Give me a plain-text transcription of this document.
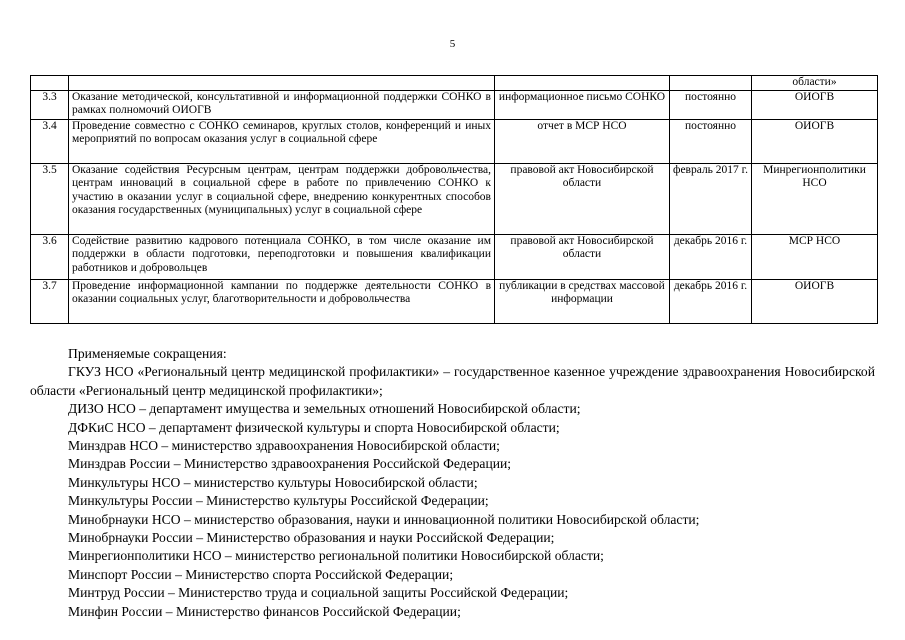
5
				области»
3.3	Оказание методической, консультативной и информационной поддержки СОНКО в рамках полномочий ОИОГВ	информационное письмо СОНКО	постоянно	ОИОГВ
3.4	Проведение совместно с СОНКО семинаров, круглых столов, конференций и иных мероприятий по вопросам оказания услуг в социальной сфере	отчет в МСР НСО	постоянно	ОИОГВ
3.5	Оказание содействия Ресурсным центрам, центрам поддержки добровольчества, центрам инноваций в социальной сфере в работе по привлечению СОНКО к участию в оказании услуг в социальной сфере, внедрению конкурентных способов оказания государственных (муниципальных) услуг в социальной сфере	правовой акт Новосибирской области	февраль 2017 г.	Минрегионполитики НСО
3.6	Содействие развитию кадрового потенциала СОНКО, в том числе оказание им поддержки в области подготовки, переподготовки и повышения квалификации работников и добровольцев	правовой акт Новосибирской области	декабрь 2016 г.	МСР НСО
3.7	Проведение информационной кампании по поддержке деятельности СОНКО в оказании социальных услуг, благотворительности и добровольчества	публикации в средствах массовой информации	декабрь 2016 г.	ОИОГВ

Применяемые сокращения:

ГКУЗ НСО «Региональный центр медицинской профилактики» – государственное казенное учреждение здравоохранения Новосибирской области «Региональный центр медицинской профилактики»;

ДИЗО НСО – департамент имущества и земельных отношений Новосибирской области;

ДФКиС НСО – департамент физической культуры и спорта Новосибирской области;

Минздрав НСО – министерство здравоохранения Новосибирской области;

Минздрав России – Министерство здравоохранения Российской Федерации;

Минкультуры НСО – министерство культуры Новосибирской области;

Минкультуры России – Министерство культуры Российской Федерации;

Минобрнауки НСО – министерство образования, науки и инновационной политики Новосибирской области;

Минобрнауки России – Министерство образования и науки Российской Федерации;

Минрегионполитики НСО – министерство региональной политики Новосибирской области;

Минспорт России – Министерство спорта Российской Федерации;

Минтруд России – Министерство труда и социальной защиты Российской Федерации;

Минфин России – Министерство финансов Российской Федерации;
